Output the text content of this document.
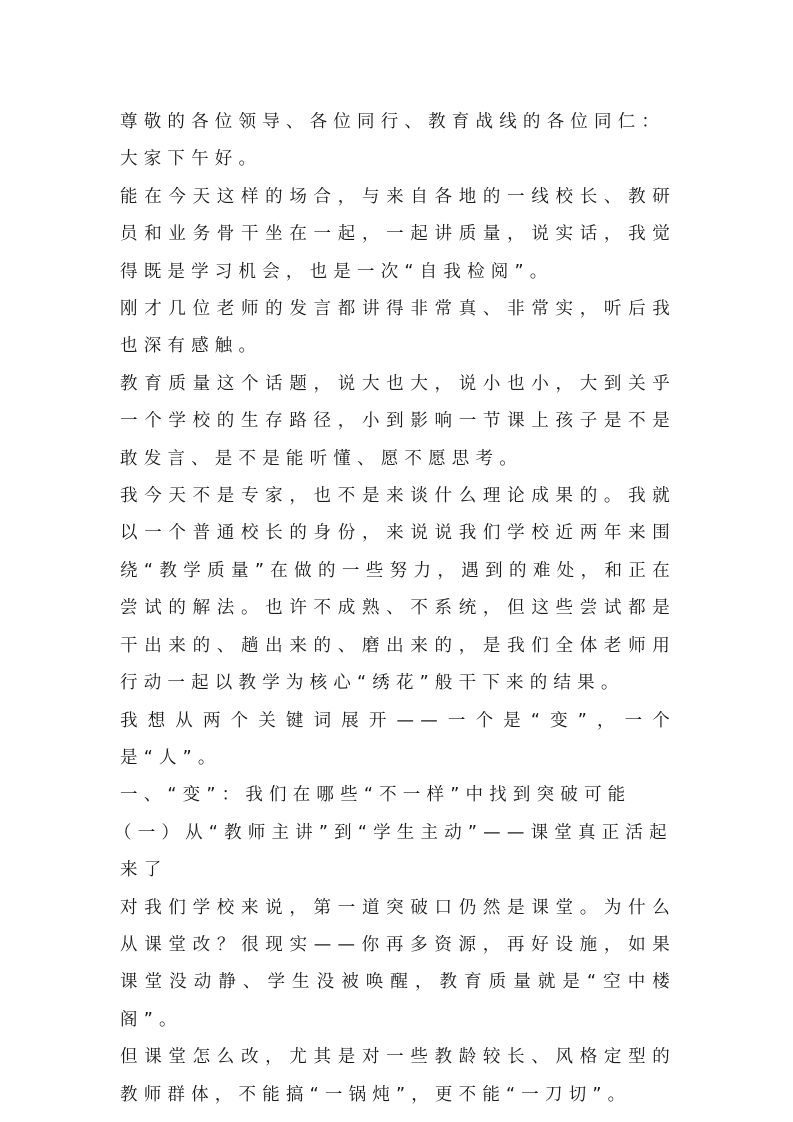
尊敬的各位领导、各位同行、教育战线的各位同仁：

大家下午好。

能在今天这样的场合，与来自各地的一线校长、教研员和业务骨干坐在一起，一起讲质量，说实话，我觉得既是学习机会，也是一次“自我检阅”。

刚才几位老师的发言都讲得非常真、非常实，听后我也深有感触。

教育质量这个话题，说大也大，说小也小，大到关乎一个学校的生存路径，小到影响一节课上孩子是不是敢发言、是不是能听懂、愿不愿思考。

我今天不是专家，也不是来谈什么理论成果的。我就以一个普通校长的身份，来说说我们学校近两年来围绕“教学质量”在做的一些努力，遇到的难处，和正在尝试的解法。也许不成熟、不系统，但这些尝试都是干出来的、趟出来的、磨出来的，是我们全体老师用行动一起以教学为核心“绣花”般干下来的结果。

我想从两个关键词展开——一个是“变”，一个是“人”。

一、“变”：我们在哪些“不一样”中找到突破可能

（一）从“教师主讲”到“学生主动”——课堂真正活起来了

对我们学校来说，第一道突破口仍然是课堂。为什么从课堂改？很现实——你再多资源，再好设施，如果课堂没动静、学生没被唤醒，教育质量就是“空中楼阁”。

但课堂怎么改，尤其是对一些教龄较长、风格定型的教师群体，不能搞“一锅炖”，更不能“一刀切”。
